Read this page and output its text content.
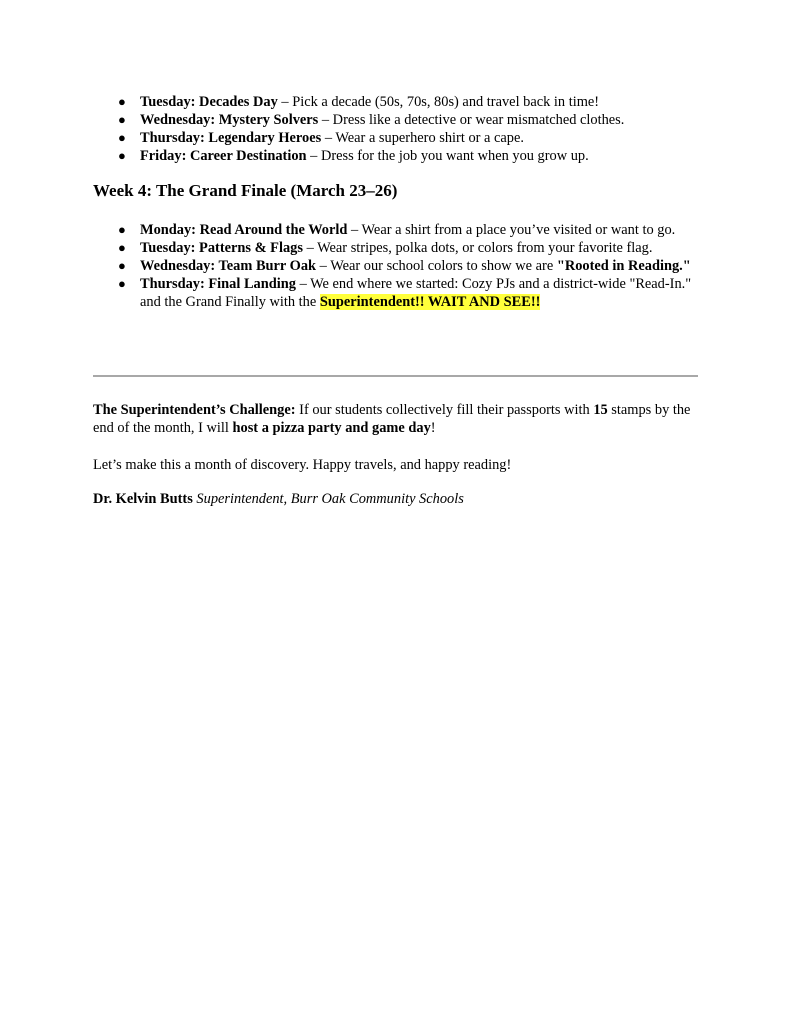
● Tuesday: Decades Day – Pick a decade (50s, 70s, 80s) and travel back in time!
● Wednesday: Mystery Solvers – Dress like a detective or wear mismatched clothes.
● Thursday: Legendary Heroes – Wear a superhero shirt or a cape.
● Friday: Career Destination – Dress for the job you want when you grow up.
Week 4: The Grand Finale (March 23–26)
● Monday: Read Around the World – Wear a shirt from a place you’ve visited or want to go.
● Tuesday: Patterns & Flags – Wear stripes, polka dots, or colors from your favorite flag.
● Wednesday: Team Burr Oak – Wear our school colors to show we are "Rooted in Reading."
● Thursday: Final Landing – We end where we started: Cozy PJs and a district-wide "Read-In." and the Grand Finally with the Superintendent!! WAIT AND SEE!!

The Superintendent’s Challenge: If our students collectively fill their passports with 15 stamps by the end of the month, I will host a pizza party and game day!

Let’s make this a month of discovery. Happy travels, and happy reading!

Dr. Kelvin Butts Superintendent, Burr Oak Community Schools
